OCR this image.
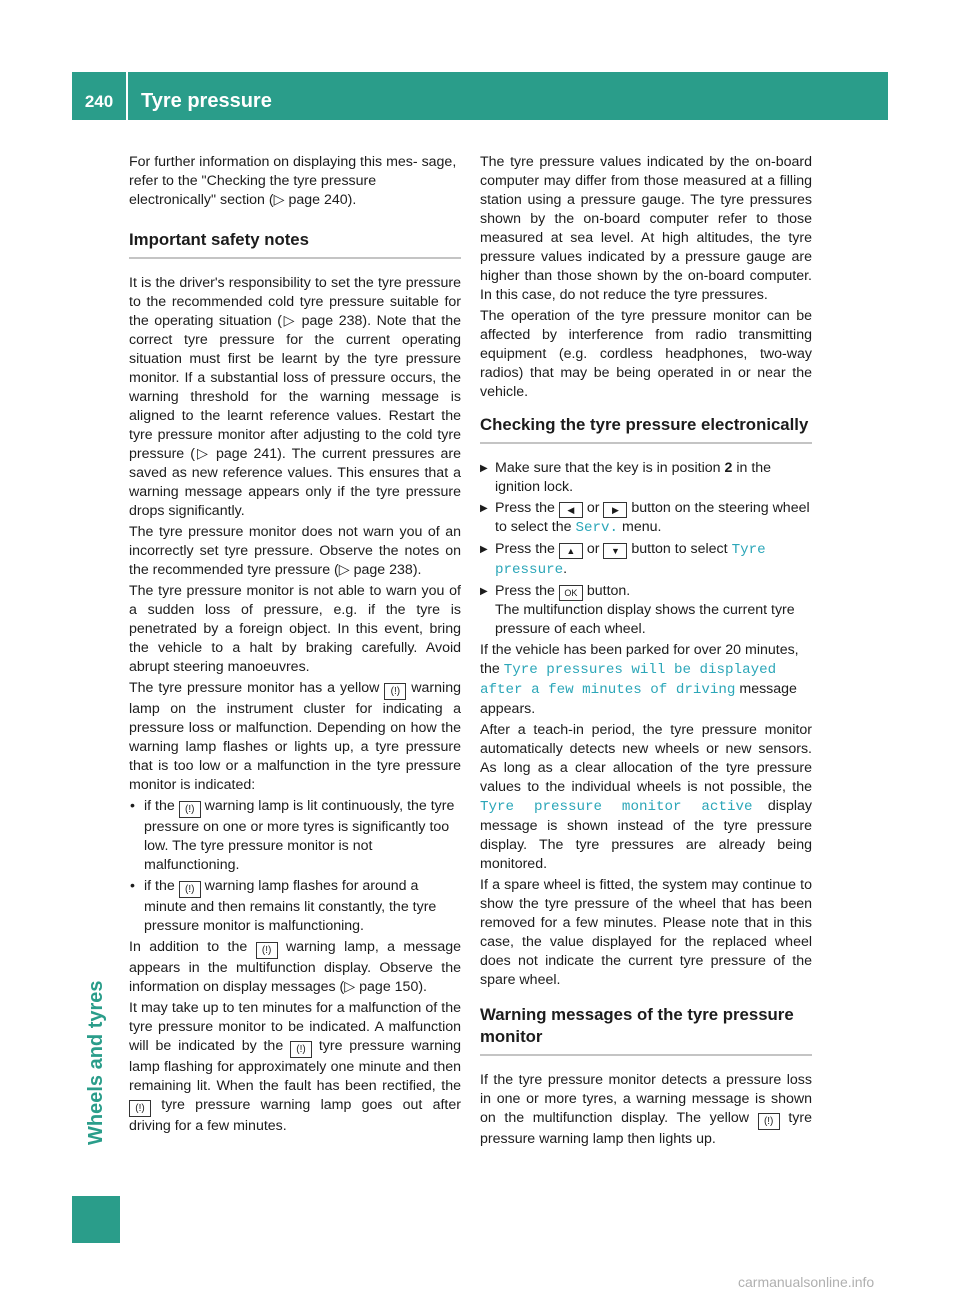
240	Tyre pressure
Wheels and tyres

For further information on displaying this mes- sage, refer to the "Checking the tyre pressure electronically" section (▷ page 240).

Important safety notes

It is the driver's responsibility to set the tyre pressure to the recommended cold tyre pressure suitable for the operating situation (▷ page 238). Note that the correct tyre pressure for the current operating situation must first be learnt by the tyre pressure monitor. If a substantial loss of pressure occurs, the warning threshold for the warning message is aligned to the learnt reference values. Restart the tyre pressure monitor after adjusting to the cold tyre pressure (▷ page 241). The current pressures are saved as new reference values. This ensures that a warning message appears only if the tyre pressure drops significantly.

The tyre pressure monitor does not warn you of an incorrectly set tyre pressure. Observe the notes on the recommended tyre pressure (▷ page 238).

The tyre pressure monitor is not able to warn you of a sudden loss of pressure, e.g. if the tyre is penetrated by a foreign object. In this event, bring the vehicle to a halt by braking carefully. Avoid abrupt steering manoeuvres.

The tyre pressure monitor has a yellow (!) warning lamp on the instrument cluster for indicating a pressure loss or malfunction. Depending on how the warning lamp flashes or lights up, a tyre pressure that is too low or a malfunction in the tyre pressure monitor is indicated:

• if the (!) warning lamp is lit continuously, the tyre pressure on one or more tyres is significantly too low. The tyre pressure monitor is not malfunctioning.

• if the (!) warning lamp flashes for around a minute and then remains lit constantly, the tyre pressure monitor is malfunctioning.

In addition to the (!) warning lamp, a message appears in the multifunction display. Observe the information on display messages (▷ page 150).

It may take up to ten minutes for a malfunction of the tyre pressure monitor to be indicated. A malfunction will be indicated by the (!) tyre pressure warning lamp flashing for approximately one minute and then remaining lit. When the fault has been rectified, the (!) tyre pressure warning lamp goes out after driving for a few minutes.

The tyre pressure values indicated by the on-board computer may differ from those measured at a filling station using a pressure gauge. The tyre pressures shown by the on-board computer refer to those measured at sea level. At high altitudes, the tyre pressure values indicated by a pressure gauge are higher than those shown by the on-board computer. In this case, do not reduce the tyre pressures.

The operation of the tyre pressure monitor can be affected by interference from radio transmitting equipment (e.g. cordless headphones, two-way radios) that may be being operated in or near the vehicle.

Checking the tyre pressure electronically

▶ Make sure that the key is in position 2 in the ignition lock.

▶ Press the ◀ or ▶ button on the steering wheel to select the Serv. menu.

▶ Press the ▲ or ▼ button to select Tyre pressure.

▶ Press the OK button.
The multifunction display shows the current tyre pressure of each wheel.

If the vehicle has been parked for over 20 minutes, the Tyre pressures will be displayed after a few minutes of driving message appears.

After a teach-in period, the tyre pressure monitor automatically detects new wheels or new sensors. As long as a clear allocation of the tyre pressure values to the individual wheels is not possible, the Tyre pressure monitor active display message is shown instead of the tyre pressure display. The tyre pressures are already being monitored.

If a spare wheel is fitted, the system may continue to show the tyre pressure of the wheel that has been removed for a few minutes. Please note that in this case, the value displayed for the replaced wheel does not indicate the current tyre pressure of the spare wheel.

Warning messages of the tyre pressure monitor

If the tyre pressure monitor detects a pressure loss in one or more tyres, a warning message is shown on the multifunction display. The yellow (!) tyre pressure warning lamp then lights up.

carmanualsonline.info
